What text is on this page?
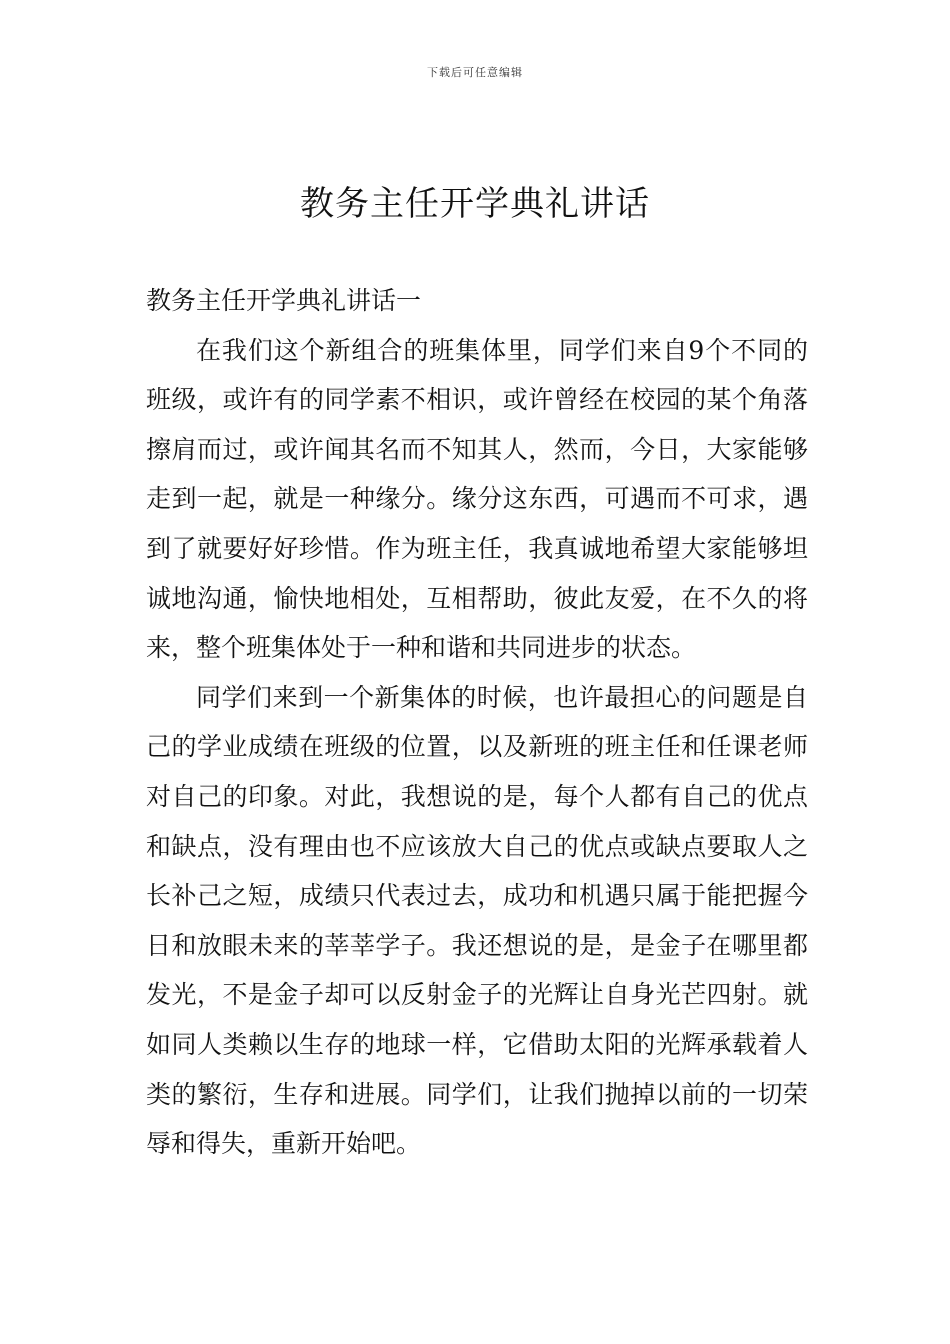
下载后可任意编辑
教务主任开学典礼讲话

教务主任开学典礼讲话一

在我们这个新组合的班集体里，同学们来自9个不同的班级，或许有的同学素不相识，或许曾经在校园的某个角落擦肩而过，或许闻其名而不知其人，然而，今日，大家能够走到一起，就是一种缘分。缘分这东西，可遇而不可求，遇到了就要好好珍惜。作为班主任，我真诚地希望大家能够坦诚地沟通，愉快地相处，互相帮助，彼此友爱，在不久的将来，整个班集体处于一种和谐和共同进步的状态。

同学们来到一个新集体的时候，也许最担心的问题是自己的学业成绩在班级的位置，以及新班的班主任和任课老师对自己的印象。对此，我想说的是，每个人都有自己的优点和缺点，没有理由也不应该放大自己的优点或缺点要取人之长补己之短，成绩只代表过去，成功和机遇只属于能把握今日和放眼未来的莘莘学子。我还想说的是，是金子在哪里都发光，不是金子却可以反射金子的光辉让自身光芒四射。就如同人类赖以生存的地球一样，它借助太阳的光辉承载着人类的繁衍，生存和进展。同学们，让我们抛掉以前的一切荣辱和得失，重新开始吧。
